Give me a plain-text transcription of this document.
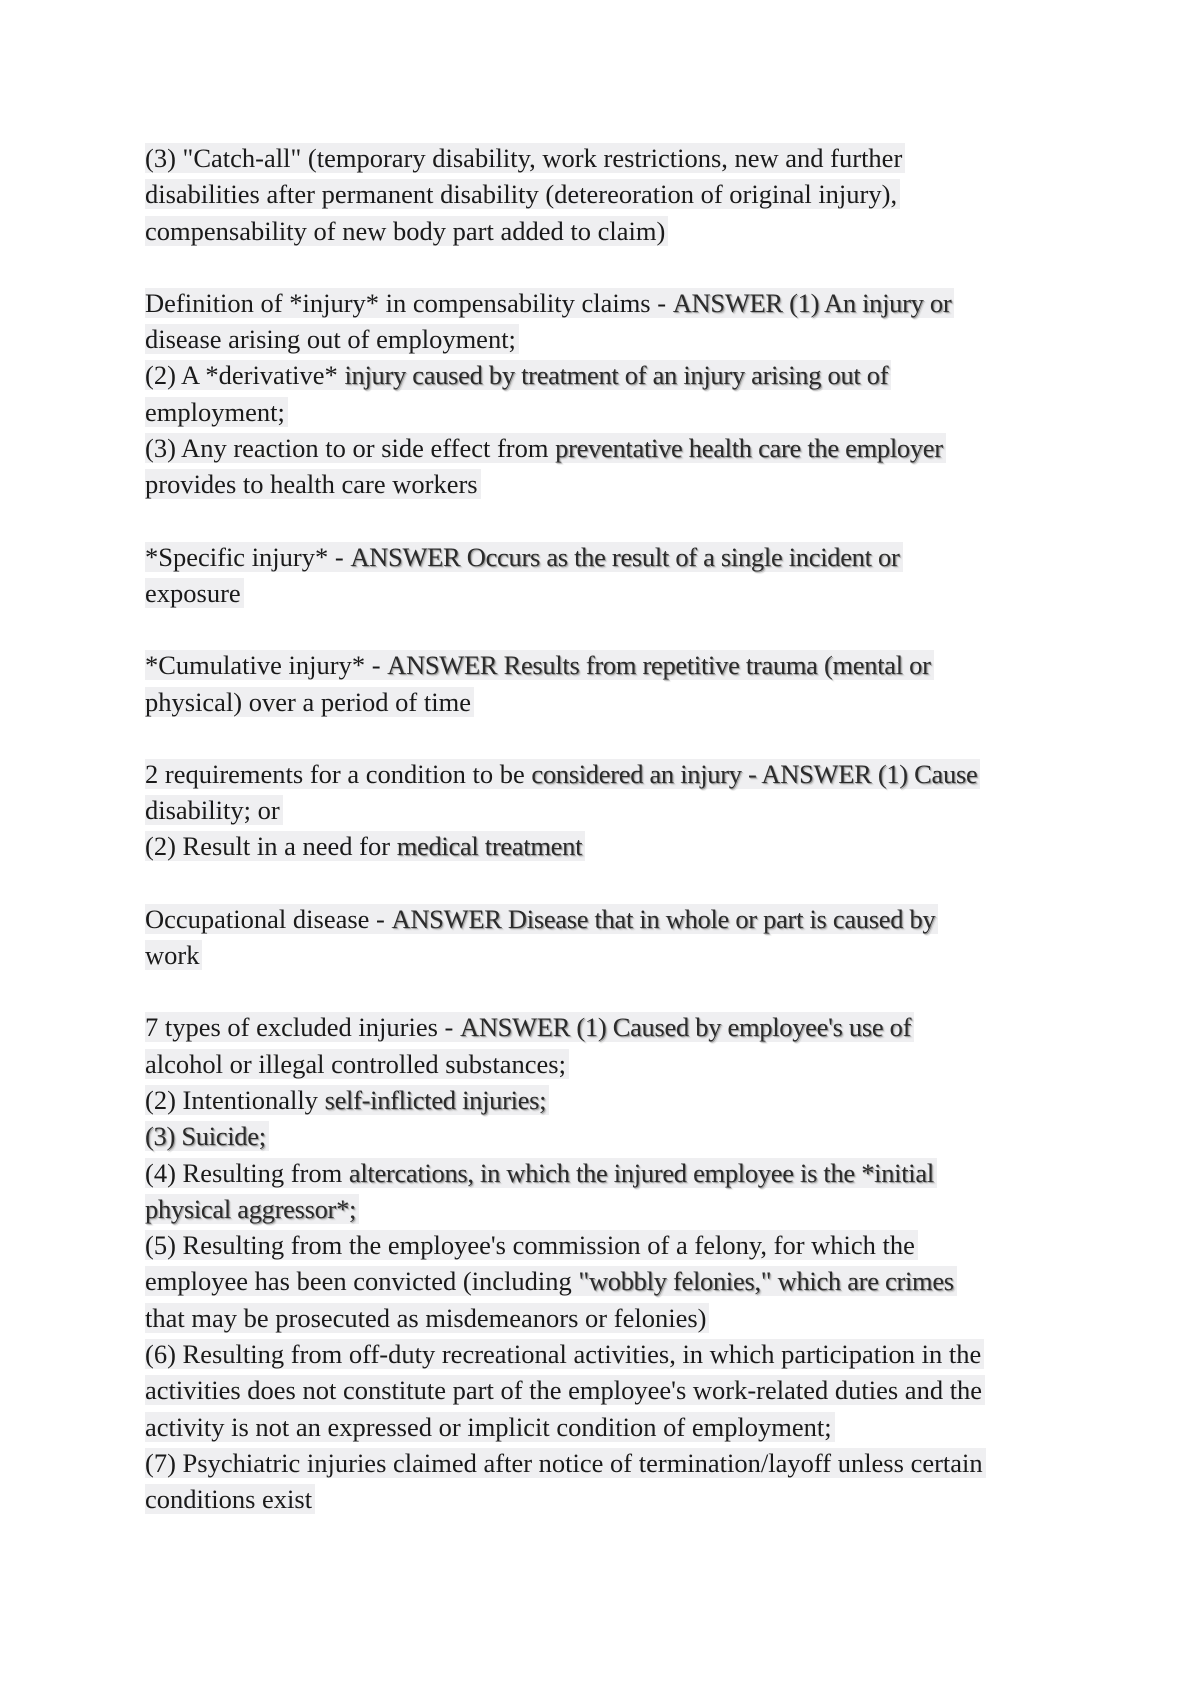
(3) "Catch-all" (temporary disability, work restrictions, new and further
disabilities after permanent disability (detereoration of original injury),
compensability of new body part added to claim)
Definition of *injury* in compensability claims - ANSWER (1) An injury or
disease arising out of employment;
(2) A *derivative* injury caused by treatment of an injury arising out of
employment;
(3) Any reaction to or side effect from preventative health care the employer
provides to health care workers
*Specific injury* - ANSWER Occurs as the result of a single incident or
exposure
*Cumulative injury* - ANSWER Results from repetitive trauma (mental or
physical) over a period of time
2 requirements for a condition to be considered an injury - ANSWER (1) Cause
disability; or
(2) Result in a need for medical treatment
Occupational disease - ANSWER Disease that in whole or part is caused by
work
7 types of excluded injuries - ANSWER (1) Caused by employee's use of
alcohol or illegal controlled substances;
(2) Intentionally self-inflicted injuries;
(3) Suicide;
(4) Resulting from altercations, in which the injured employee is the *initial
physical aggressor*;
(5) Resulting from the employee's commission of a felony, for which the
employee has been convicted (including "wobbly felonies," which are crimes
that may be prosecuted as misdemeanors or felonies)
(6) Resulting from off-duty recreational activities, in which participation in the
activities does not constitute part of the employee's work-related duties and the
activity is not an expressed or implicit condition of employment;
(7) Psychiatric injuries claimed after notice of termination/layoff unless certain
conditions exist
